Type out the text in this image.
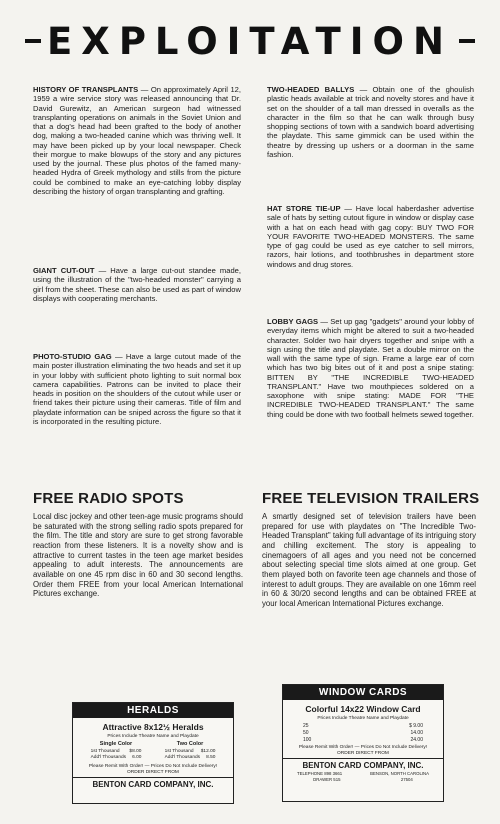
EXPLOITATION

HISTORY OF TRANSPLANTS — On approximately April 12, 1959 a wire service story was released announcing that Dr. David Gurewitz, an American surgeon had witnessed transplanting operations on animals in the Soviet Union and that a dog's head had been grafted to the body of another dog, making a two-headed canine which was thriving well. It may have been picked up by your local newspaper. Check their morgue to make blowups of the story and any pictures used by the journal. These plus photos of the famed many-headed Hydra of Greek mythology and stills from the picture could be combined to make an eye-catching lobby display describing the history of organ transplanting and grafting.

GIANT CUT-OUT — Have a large cut-out standee made, using the illustration of the "two-headed monster" carrying a girl from the sheet. These can also be used as part of window displays with cooperating merchants.

PHOTO-STUDIO GAG — Have a large cutout made of the main poster illustration eliminating the two heads and set it up in your lobby with sufficient photo lighting to suit normal box camera capabilities. Patrons can be invited to place their heads in position on the shoulders of the cutout while user or friend takes their picture using their cameras. Title of film and playdate information can be sniped across the figure so that it is incorporated in the resulting picture.

TWO-HEADED BALLYS — Obtain one of the ghoulish plastic heads available at trick and novelty stores and have it set on the shoulder of a tall man dressed in overalls as the character in the film so that he can walk through busy shopping sections of town with a sandwich board advertising the playdate. This same gimmick can be used within the theatre by dressing up ushers or a doorman in the same fashion.

HAT STORE TIE-UP — Have local haberdasher advertise sale of hats by setting cutout figure in window or display case with a hat on each head with gag copy: BUY TWO FOR YOUR FAVORITE TWO-HEADED MONSTERS. The same type of gag could be used as eye catcher to sell mirrors, razors, hair lotions, and toothbrushes in department store windows and drug stores.

LOBBY GAGS — Set up gag "gadgets" around your lobby of everyday items which might be altered to suit a two-headed character. Solder two hair dryers together and snipe with a sign using the title and playdate. Set a double mirror on the wall with the same type of sign. Frame a large ear of corn which has two big bites out of it and post a snipe stating: BITTEN BY "THE INCREDIBLE TWO-HEADED TRANSPLANT." Have two mouthpieces soldered on a saxophone with snipe stating: MADE FOR "THE INCREDIBLE TWO-HEADED TRANSPLANT." The same thing could be done with two football helmets sewed together.

FREE RADIO SPOTS

Local disc jockey and other teen-age music programs should be saturated with the strong selling radio spots prepared for the film. The title and story are sure to get strong favorable reaction from these listeners. It is a novelty show and is attractive to current tastes in the teen age market besides appealing to adult interests. The announcements are available on one 45 rpm disc in 60 and 30 second lengths. Order them FREE from your local American International Pictures exchange.

FREE TELEVISION TRAILERS

A smartly designed set of television trailers have been prepared for use with playdates on "The Incredible Two-Headed Transplant" taking full advantage of its intriguing story and chilling excitement. The story is appealing to cinemagoers of all ages and you need not be concerned about selecting special time slots aimed at one group. Get them played both on favorite teen age channels and those of interest to adult groups. They are available on one 16mm reel in 60 & 30/20 second lengths and can be obtained FREE at your local American International Pictures exchange.

HERALDS
Attractive 8x12½ Heralds
Prices Include Theatre Name and Playdate
Single Color
1st Thousand $8.00
Add'l Thousands 6.00
Two Color
1st Thousand $12.00
Add'l Thousands 8.50
Please Remit With Order! — Prices Do Not Include Delivery!
ORDER DIRECT FROM
BENTON CARD COMPANY, INC.
WINDOW CARDS
Colorful 14x22 Window Card
Prices Include Theatre Name and Playdate
25	$ 9.00
50	14.00
100	24.00
Please Remit With Order! — Prices Do Not Include Delivery!
ORDER DIRECT FROM
BENTON CARD COMPANY, INC.
TELEPHONE 898 3661	BENSON, NORTH CAROLINA
DRAWER 515	27504
